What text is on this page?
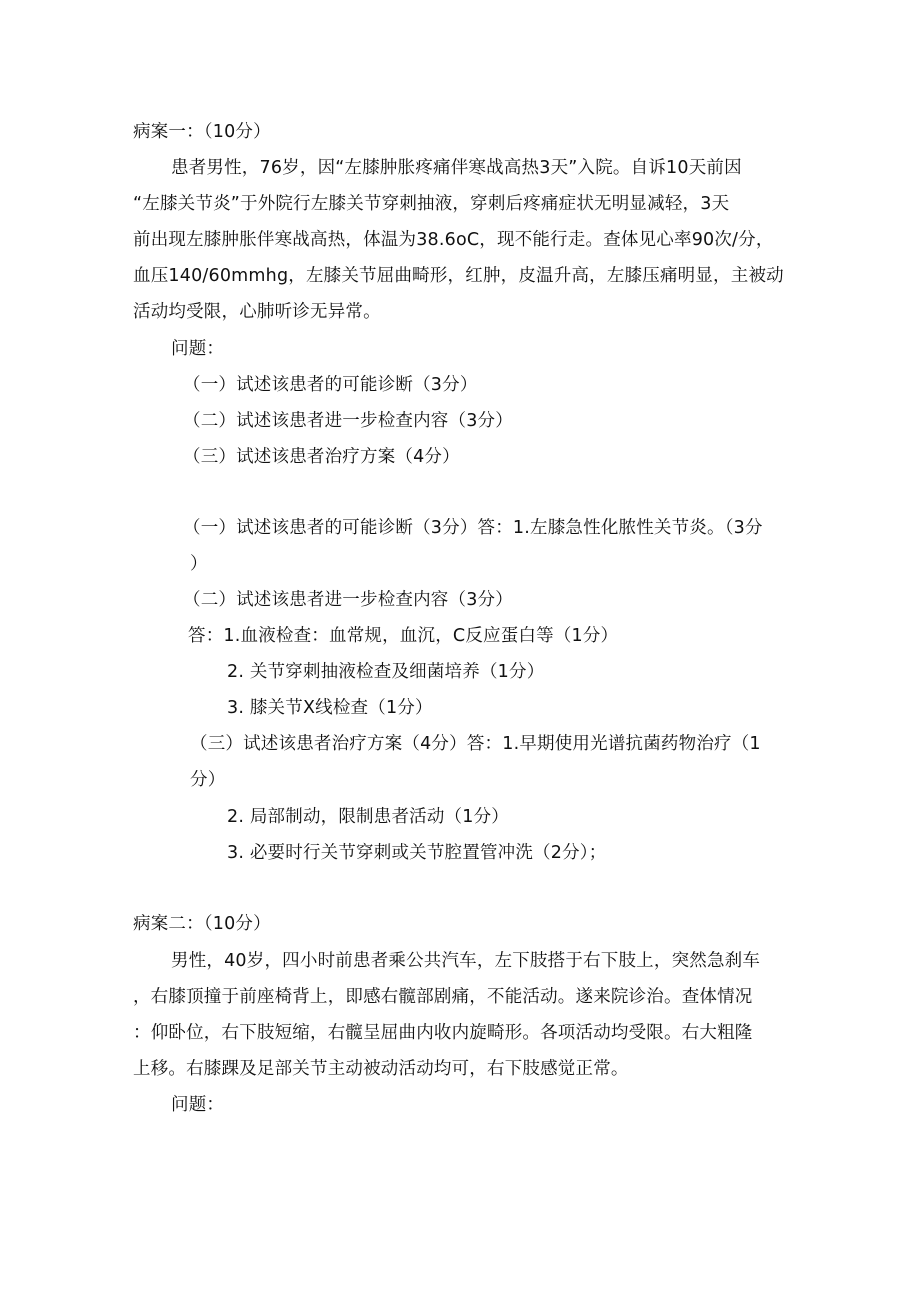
病案一：（10分）
患者男性，76岁，因“左膝肿胀疼痛伴寒战高热3天”入院。自诉10天前因
“左膝关节炎”于外院行左膝关节穿刺抽液，穿刺后疼痛症状无明显减轻，3天
前出现左膝肿胀伴寒战高热，体温为38.6oC，现不能行走。查体见心率90次/分，
血压140/60mmhg，左膝关节屈曲畸形，红肿，皮温升高，左膝压痛明显，主被动
活动均受限，心肺听诊无异常。
问题：
（一）试述该患者的可能诊断（3分）
（二）试述该患者进一步检查内容（3分）
（三）试述该患者治疗方案（4分）
（一）试述该患者的可能诊断（3分）答：1.左膝急性化脓性关节炎。（3分
）
（二）试述该患者进一步检查内容（3分）
答：1.血液检查：血常规，血沉，C反应蛋白等（1分）
2. 关节穿刺抽液检查及细菌培养（1分）
3. 膝关节X线检查（1分）
（三）试述该患者治疗方案（4分）答：1.早期使用光谱抗菌药物治疗（1
分）
2. 局部制动，限制患者活动（1分）
3. 必要时行关节穿刺或关节腔置管冲洗（2分）；
病案二：（10分）
男性，40岁，四小时前患者乘公共汽车，左下肢搭于右下肢上，突然急刹车
，右膝顶撞于前座椅背上，即感右髋部剧痛，不能活动。遂来院诊治。查体情况
：仰卧位，右下肢短缩，右髋呈屈曲内收内旋畸形。各项活动均受限。右大粗隆
上移。右膝踝及足部关节主动被动活动均可，右下肢感觉正常。
问题：
